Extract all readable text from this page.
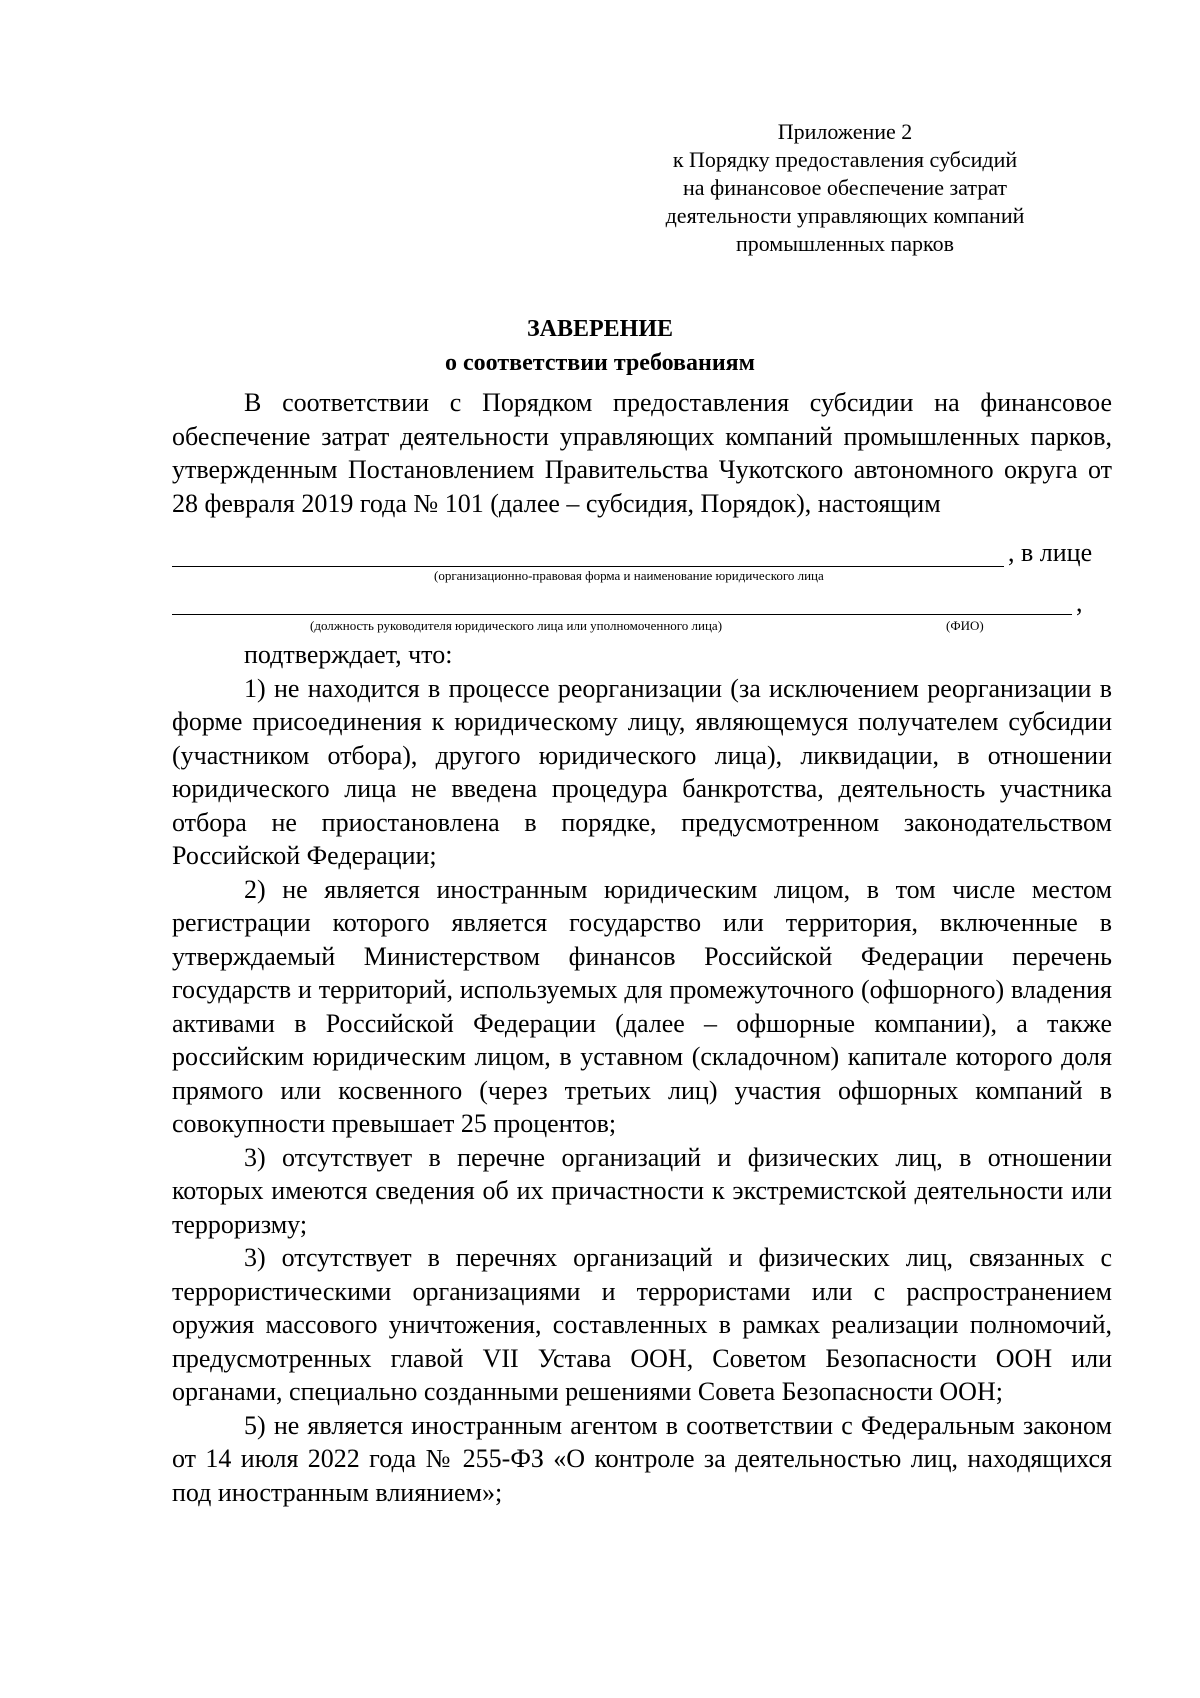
Приложение 2
к Порядку предоставления субсидий
на финансовое обеспечение затрат
деятельности управляющих компаний
промышленных парков
ЗАВЕРЕНИЕ
о соответствии требованиям
В соответствии с Порядком предоставления субсидии на финансовое обеспечение затрат деятельности управляющих компаний промышленных парков, утвержденным Постановлением Правительства Чукотского автономного округа от 28 февраля 2019 года № 101 (далее – субсидия, Порядок), настоящим
, в лице
(организационно-правовая форма и наименование юридического лица
,
(должность руководителя юридического лица или уполномоченного лица)	(ФИО)
подтверждает, что:
1) не находится в процессе реорганизации (за исключением реорганизации в форме присоединения к юридическому лицу, являющемуся получателем субсидии (участником отбора), другого юридического лица), ликвидации, в отношении юридического лица не введена процедура банкротства, деятельность участника отбора не приостановлена в порядке, предусмотренном законодательством Российской Федерации;
2) не является иностранным юридическим лицом, в том числе местом регистрации которого является государство или территория, включенные в утверждаемый Министерством финансов Российской Федерации перечень государств и территорий, используемых для промежуточного (офшорного) владения активами в Российской Федерации (далее – офшорные компании), а также российским юридическим лицом, в уставном (складочном) капитале которого доля прямого или косвенного (через третьих лиц) участия офшорных компаний в совокупности превышает 25 процентов;
3) отсутствует в перечне организаций и физических лиц, в отношении которых имеются сведения об их причастности к экстремистской деятельности или терроризму;
3) отсутствует в перечнях организаций и физических лиц, связанных с террористическими организациями и террористами или с распространением оружия массового уничтожения, составленных в рамках реализации полномочий, предусмотренных главой VII Устава ООН, Советом Безопасности ООН или органами, специально созданными решениями Совета Безопасности ООН;
5) не является иностранным агентом в соответствии с Федеральным законом от 14 июля 2022 года № 255-ФЗ «О контроле за деятельностью лиц, находящихся под иностранным влиянием»;
